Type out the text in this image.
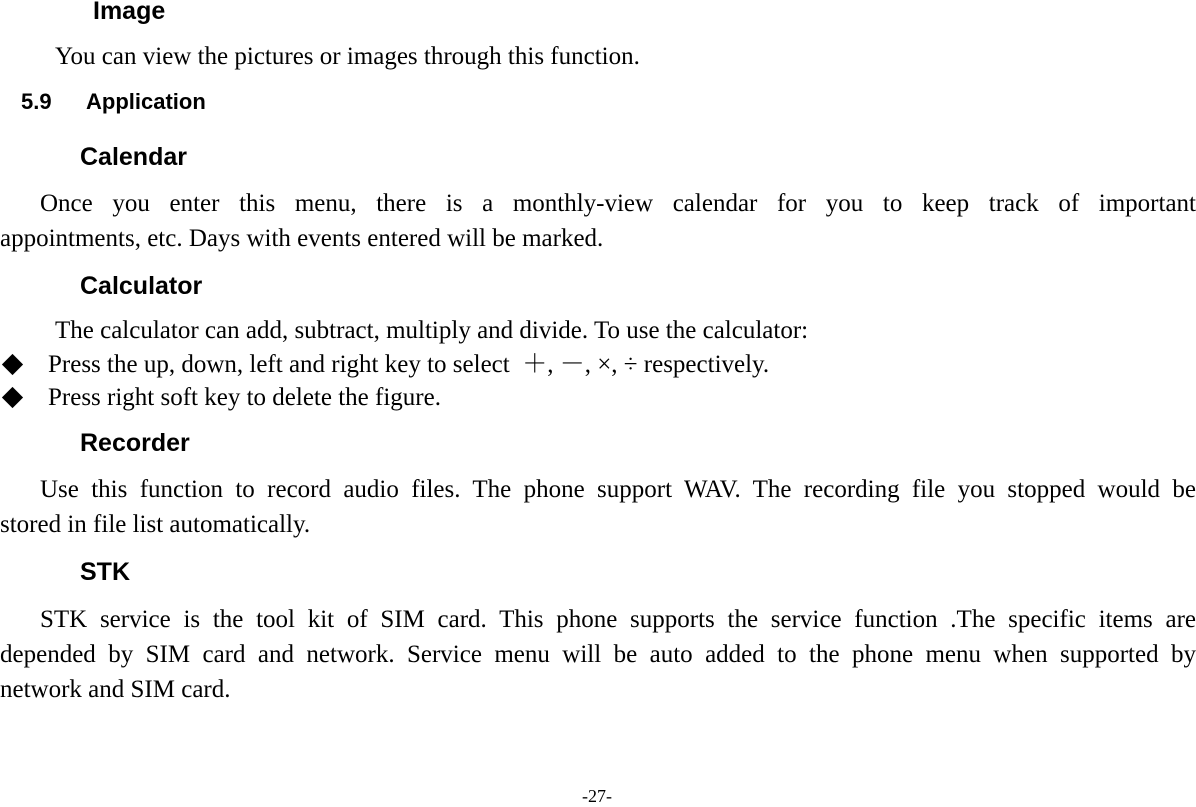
Image
You can view the pictures or images through this function.
5.9 Application
Calendar
Once you enter this menu, there is a monthly-view calendar for you to keep track of important
appointments, etc. Days with events entered will be marked.
Calculator
The calculator can add, subtract, multiply and divide. To use the calculator:
Press the up, down, left and right key to select  ＋, －, ×, ÷ respectively.
Press right soft key to delete the figure.
Recorder
Use this function to record audio files. The phone support WAV. The recording file you stopped would be
stored in file list automatically.
STK
STK service is the tool kit of SIM card. This phone supports the service function .The specific items are
depended by SIM card and network. Service menu will be auto added to the phone menu when supported by
network and SIM card.
-27-
